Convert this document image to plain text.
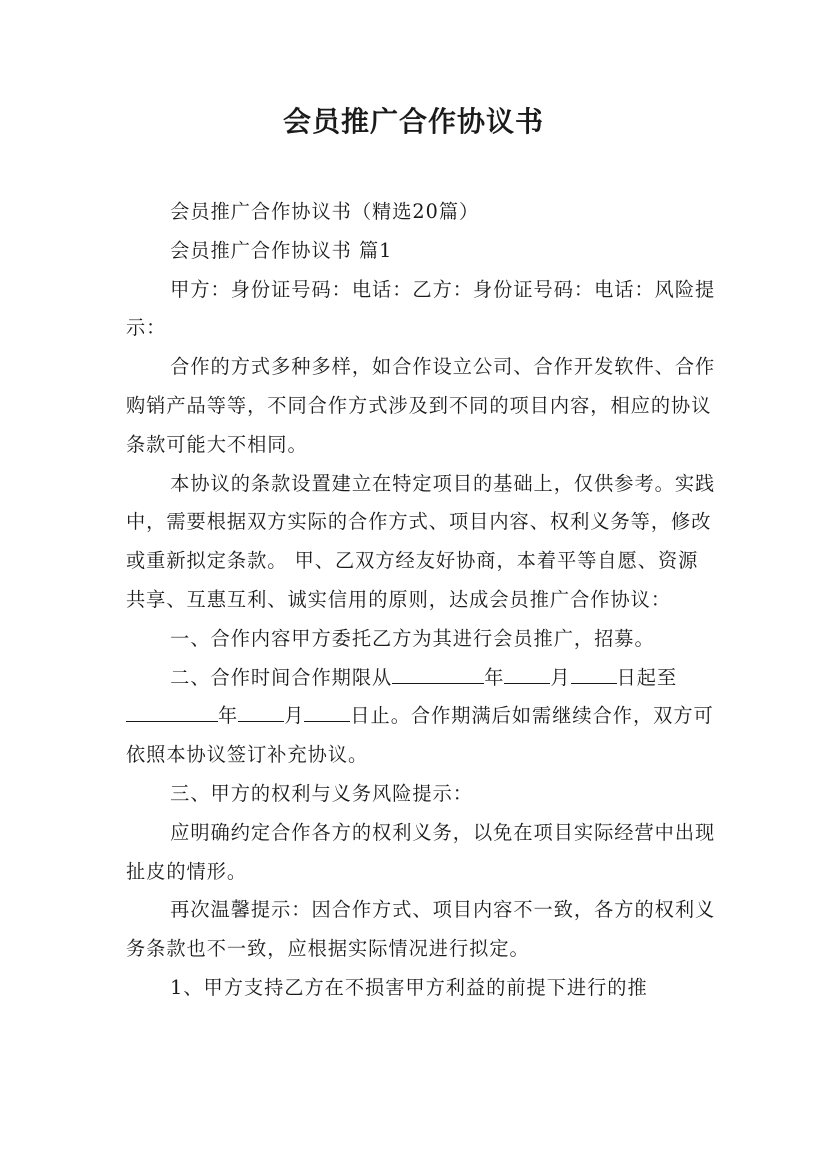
会员推广合作协议书

会员推广合作协议书（精选20篇）

会员推广合作协议书 篇1

甲方：身份证号码：电话：乙方：身份证号码：电话：风险提示：

合作的方式多种多样，如合作设立公司、合作开发软件、合作购销产品等等，不同合作方式涉及到不同的项目内容，相应的协议条款可能大不相同。

本协议的条款设置建立在特定项目的基础上，仅供参考。实践中，需要根据双方实际的合作方式、项目内容、权利义务等，修改或重新拟定条款。 甲、乙双方经友好协商，本着平等自愿、资源共享、互惠互利、诚实信用的原则，达成会员推广合作协议：

一、合作内容甲方委托乙方为其进行会员推广，招募。

二、合作时间合作期限从	年 月 日起至年 月 日止。合作期满后如需继续合作，双方可依照本协议签订补充协议。

三、甲方的权利与义务风险提示：

应明确约定合作各方的权利义务，以免在项目实际经营中出现扯皮的情形。

再次温馨提示：因合作方式、项目内容不一致，各方的权利义务条款也不一致，应根据实际情况进行拟定。

1、甲方支持乙方在不损害甲方利益的前提下进行的推
